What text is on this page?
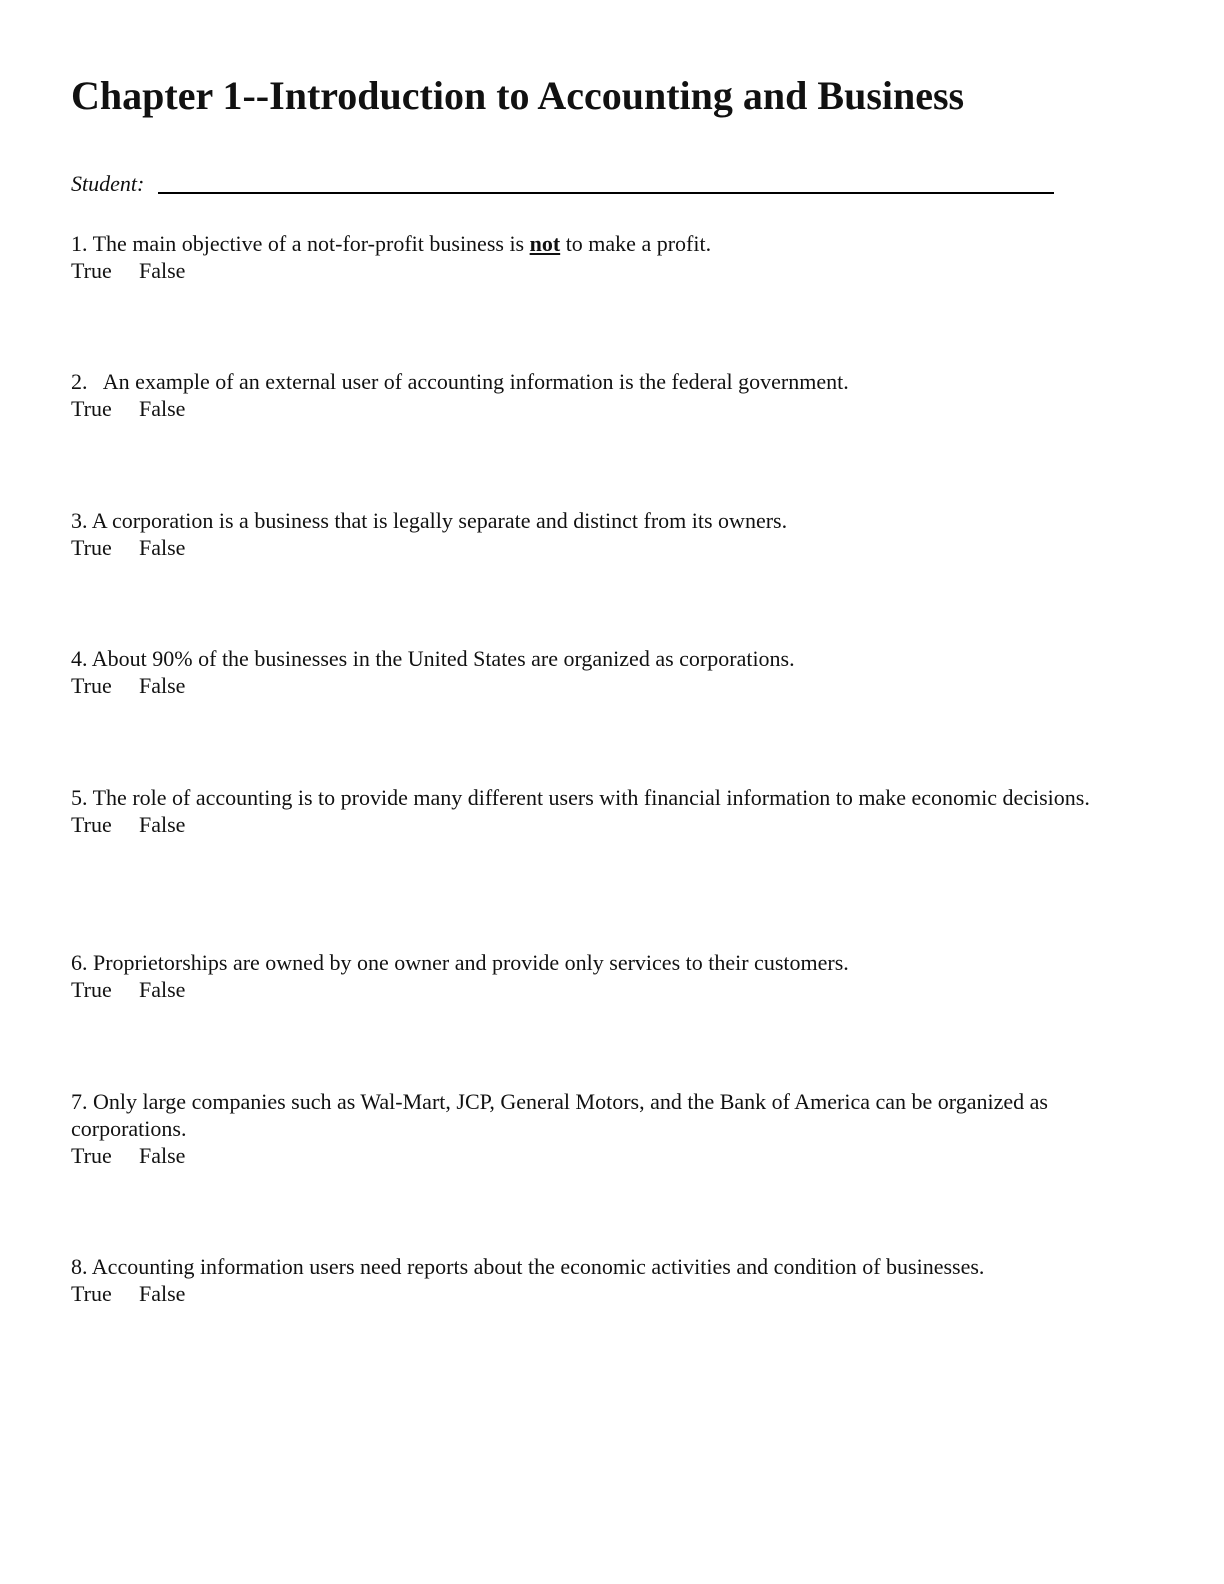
Chapter 1--Introduction to Accounting and Business
Student:
1. The main objective of a not-for-profit business is not to make a profit.
True False
2. An example of an external user of accounting information is the federal government.
True False
3. A corporation is a business that is legally separate and distinct from its owners.
True False
4. About 90% of the businesses in the United States are organized as corporations.
True False
5. The role of accounting is to provide many different users with financial information to make economic decisions.
True False
6. Proprietorships are owned by one owner and provide only services to their customers.
True False
7. Only large companies such as Wal-Mart, JCP, General Motors, and the Bank of America can be organized as corporations.
True False
8. Accounting information users need reports about the economic activities and condition of businesses.
True False
